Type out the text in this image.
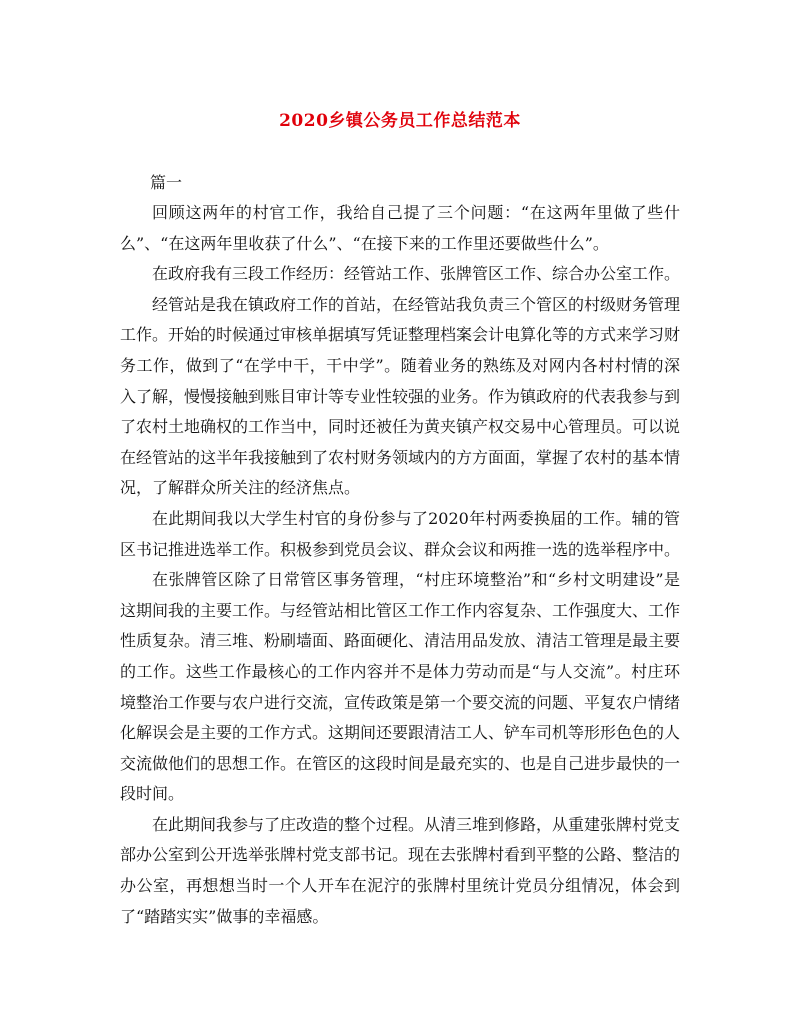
2020乡镇公务员工作总结范本
篇一

回顾这两年的村官工作，我给自己提了三个问题：“在这两年里做了些什么”、“在这两年里收获了什么”、“在接下来的工作里还要做些什么”。

在政府我有三段工作经历：经管站工作、张牌管区工作、综合办公室工作。

经管站是我在镇政府工作的首站，在经管站我负责三个管区的村级财务管理工作。开始的时候通过审核单据填写凭证整理档案会计电算化等的方式来学习财务工作，做到了“在学中干，干中学”。随着业务的熟练及对网内各村村情的深入了解，慢慢接触到账目审计等专业性较强的业务。作为镇政府的代表我参与到了农村土地确权的工作当中，同时还被任为黄夹镇产权交易中心管理员。可以说在经管站的这半年我接触到了农村财务领域内的方方面面，掌握了农村的基本情况，了解群众所关注的经济焦点。

在此期间我以大学生村官的身份参与了2020年村两委换届的工作。辅的管区书记推进选举工作。积极参到党员会议、群众会议和两推一选的选举程序中。

在张牌管区除了日常管区事务管理，“村庄环境整治”和“乡村文明建设”是这期间我的主要工作。与经管站相比管区工作工作内容复杂、工作强度大、工作性质复杂。清三堆、粉刷墙面、路面硬化、清洁用品发放、清洁工管理是最主要的工作。这些工作最核心的工作内容并不是体力劳动而是“与人交流”。村庄环境整治工作要与农户进行交流，宣传政策是第一个要交流的问题、平复农户情绪化解误会是主要的工作方式。这期间还要跟清洁工人、铲车司机等形形色色的人交流做他们的思想工作。在管区的这段时间是最充实的、也是自己进步最快的一段时间。

在此期间我参与了庄改造的整个过程。从清三堆到修路，从重建张牌村党支部办公室到公开选举张牌村党支部书记。现在去张牌村看到平整的公路、整洁的办公室，再想想当时一个人开车在泥泞的张牌村里统计党员分组情况，体会到了“踏踏实实”做事的幸福感。
